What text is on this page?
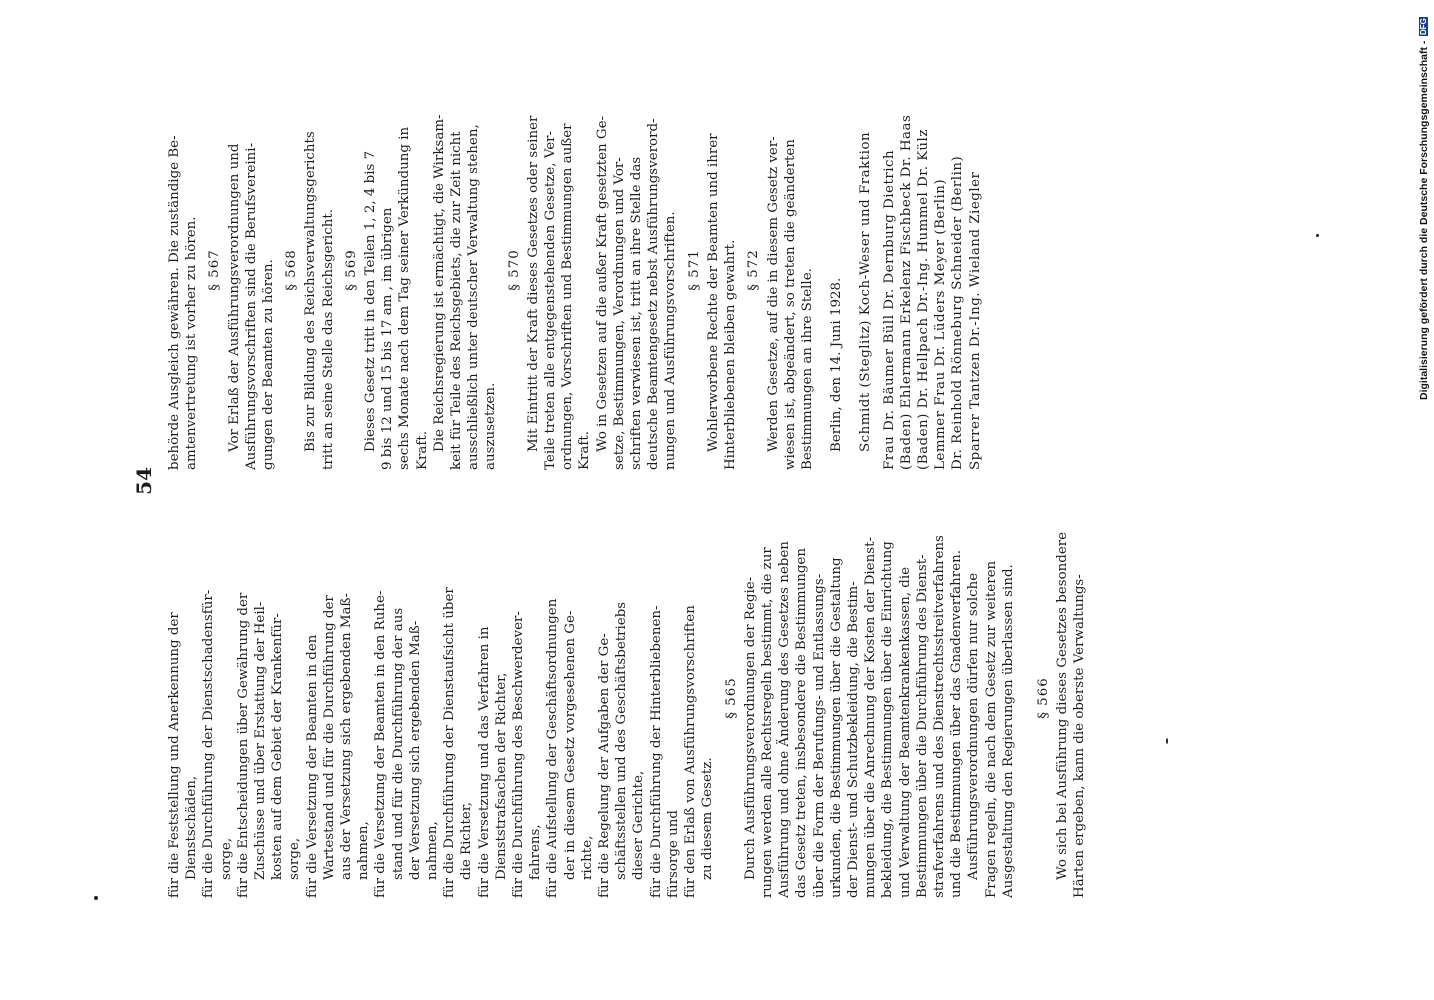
54
für die Feststellung und Anerkennung der Dienstschäden, für die Durchführung der Dienstschadensfür- sorge, für die Entscheidungen über Gewährung der Zuschüsse und über Erstattung der Heil- kosten auf dem Gebiet der Krankenfür- sorge, für die Versetzung der Beamten in den Wartestand und für die Durchführung der aus der Versetzung sich ergebenden Maß- nahmen, für die Versetzung der Beamten in den Ruhe- stand und für die Durchführung der aus der Versetzung sich ergebenden Maß- nahmen, für die Durchführung der Dienstaufsicht über die Richter, für die Versetzung und das Verfahren in Dienststrafsachen der Richter, für die Durchführung des Beschwerdever- fahrens, für die Aufstellung der Geschäftsordnungen der in diesem Gesetz vorgesehenen Ge- richte, für die Regelung der Aufgaben der Ge- schäftsstellen und des Geschäftsbetriebs dieser Gerichte, für die Durchführung der Hinterbliebenen- fürsorge und für den Erlaß von Ausführungsvorschriften zu diesem Gesetz.
§ 565 Durch Ausführungsverordnungen der Regie- rungen werden alle Rechtsregeln bestimmt, die zur Ausführung und ohne Änderung des Gesetzes neben das Gesetz treten, insbesondere die Bestimmungen über die Form der Berufungs- und Entlassungs- urkunden, die Bestimmungen über die Gestaltung der Dienst- und Schutzbekleidung, die Bestim- mungen über die Anrechnung der Kosten der Dienst- bekleidung, die Bestimmungen über die Einrichtung und Verwaltung der Beamtenkrankenkassen, die Bestimmungen über die Durchführung des Dienst- strafverfahrens und des Dienstrechtsstreitverfahrens und die Bestimmungen über das Gnadenverfahren. Ausführungsverordnungen dürfen nur solche Fragen regeln, die nach dem Gesetz zur weiteren Ausgestaltung den Regierungen überlassen sind. § 566 Wo sich bei Ausführung dieses Gesetzes besondere Härten ergeben, kann die oberste Verwaltungs-
behörde Ausgleich gewähren. Die zuständige Be- amtenvertretung ist vorher zu hören. § 567 Vor Erlaß der Ausführungsverordnungen und Ausführungsvorschriften sind die Berufsvereini- gungen der Beamten zu hören. § 568 Bis zur Bildung des Reichsverwaltungsgerichts tritt an seine Stelle das Reichsgericht. § 569 Dieses Gesetz tritt in den Teilen 1, 2, 4 bis 7 9 bis 12 und 15 bis 17 am , im übrigen sechs Monate nach dem Tag seiner Verkündung in Kraft. Die Reichsregierung ist ermächtigt, die Wirksam- keit für Teile des Reichsgebiets, die zur Zeit nicht ausschließlich unter deutscher Verwaltung stehen, auszusetzen.
§ 570 Mit Eintritt der Kraft dieses Gesetzes oder seiner Teile treten alle entgegenstehenden Gesetze, Ver- ordnungen, Vorschriften und Bestimmungen außer Kraft. Wo in Gesetzen auf die außer Kraft gesetzten Ge- setze, Bestimmungen, Verordnungen und Vor- schriften verwiesen ist, tritt an ihre Stelle das deutsche Beamtengesetz nebst Ausführungsverord- nungen und Ausführungsvorschriften. § 571 Wohlerworbene Rechte der Beamten und ihrer Hinterbliebenen bleiben gewahrt. § 572 Werden Gesetze, auf die in diesem Gesetz ver- wiesen ist, abgeändert, so treten die geänderten Bestimmungen an ihre Stelle. Berlin, den 14. Juni 1928. Schmidt (Steglitz) Koch-Weser und Fraktion Frau Dr. Bäumer Büll Dr. Dernburg Dietrich (Baden) Ehlermann Erkelenz Fischbeck Dr. Haas (Baden) Dr. Hellpach Dr.-Ing. Hummel Dr. Külz Lemmer Frau Dr. Lüders Meyer (Berlin) Dr. Reinhold Rönneburg Schneider (Berlin) Sparrer Tantzen Dr.-Ing. Wieland Ziegler	Digitalisierung gefördert durch die Deutsche Forschungsgemeinschaft - DFG
